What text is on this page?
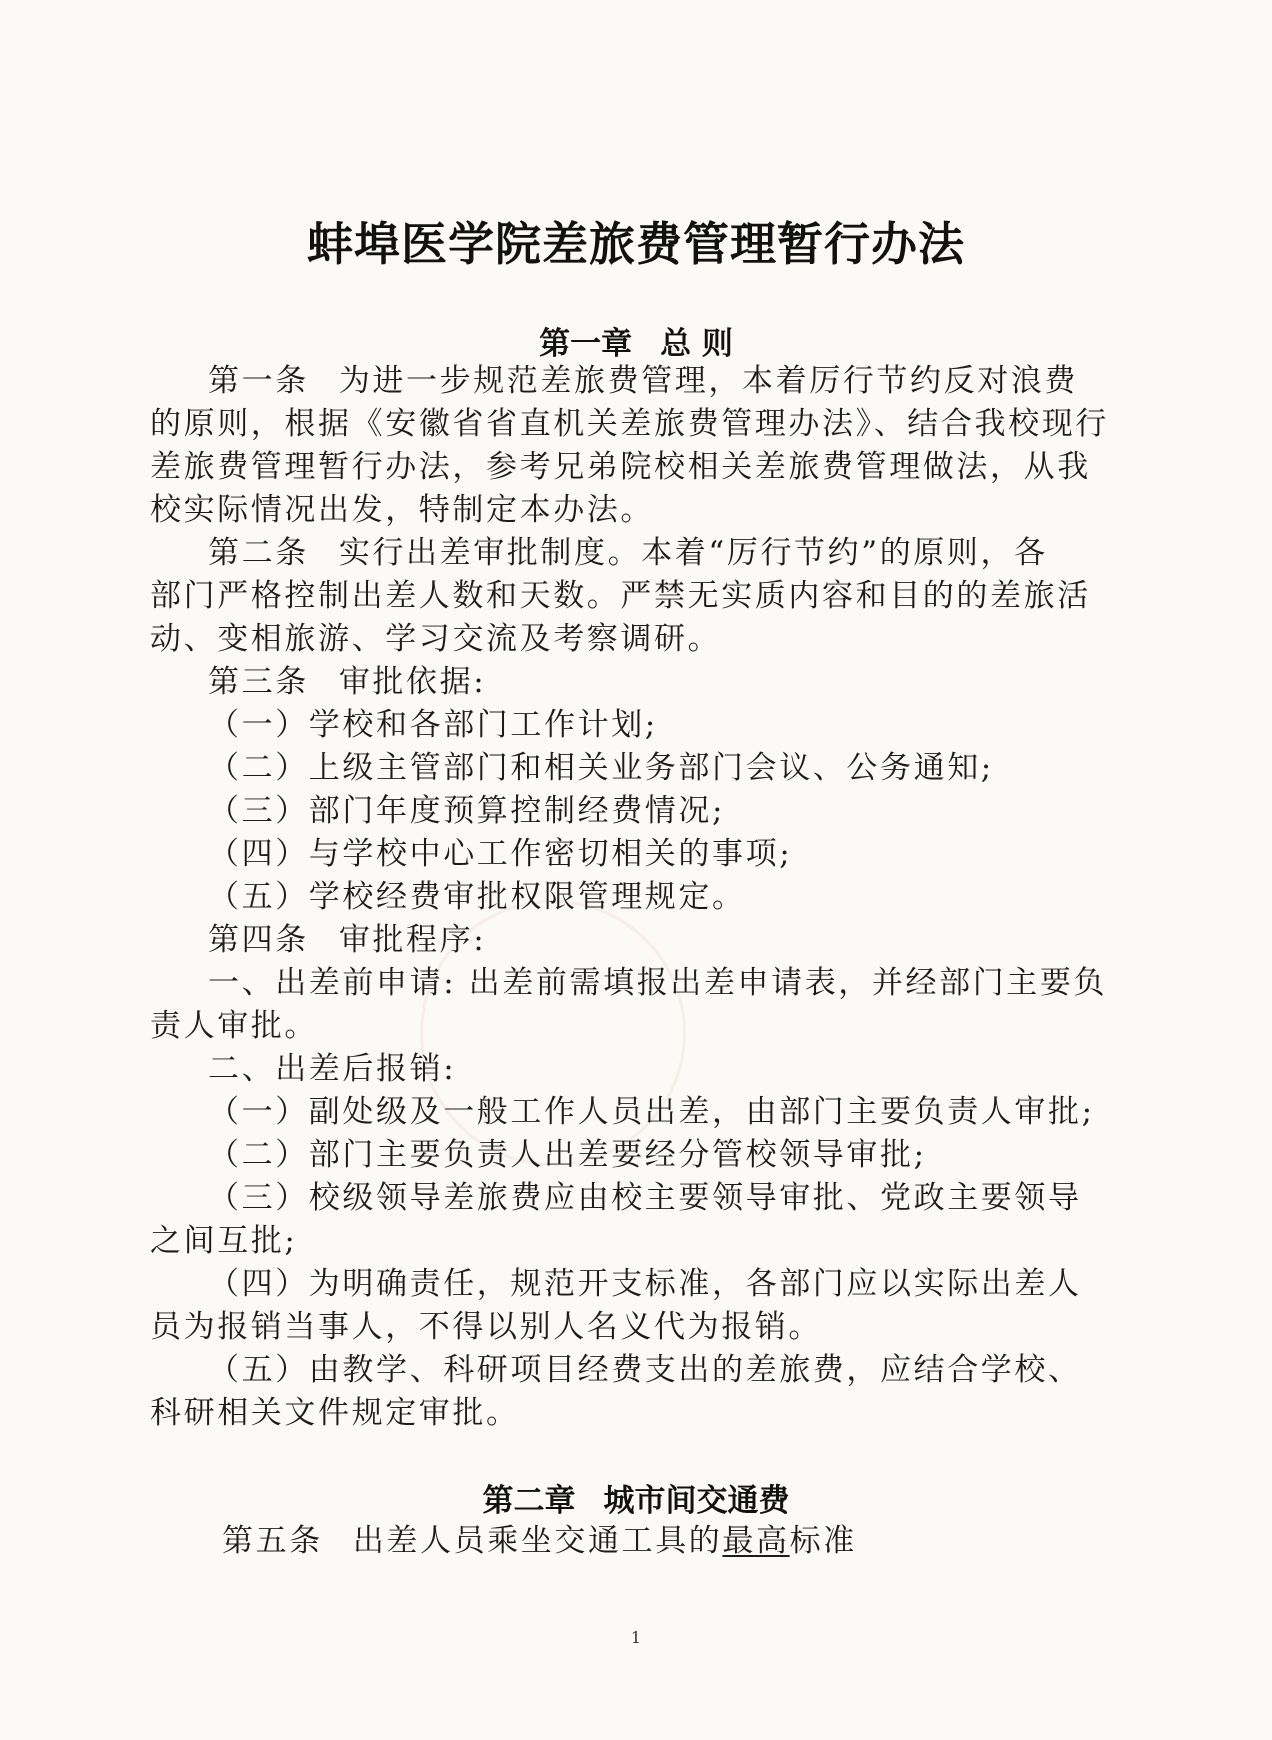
蚌埠医学院差旅费管理暂行办法
第一章 总 则
第一条 为进一步规范差旅费管理，本着厉行节约反对浪费
的原则，根据《安徽省省直机关差旅费管理办法》、结合我校现行
差旅费管理暂行办法，参考兄弟院校相关差旅费管理做法，从我
校实际情况出发，特制定本办法。
第二条 实行出差审批制度。本着“厉行节约”的原则，各
部门严格控制出差人数和天数。严禁无实质内容和目的的差旅活
动、变相旅游、学习交流及考察调研。
第三条 审批依据:
（一）学校和各部门工作计划;
（二）上级主管部门和相关业务部门会议、公务通知;
（三）部门年度预算控制经费情况;
（四）与学校中心工作密切相关的事项;
（五）学校经费审批权限管理规定。
第四条 审批程序:
一、出差前申请: 出差前需填报出差申请表，并经部门主要负
责人审批。
二、出差后报销:
（一）副处级及一般工作人员出差，由部门主要负责人审批;
（二）部门主要负责人出差要经分管校领导审批;
（三）校级领导差旅费应由校主要领导审批、党政主要领导
之间互批;
（四）为明确责任，规范开支标准，各部门应以实际出差人
员为报销当事人，不得以别人名义代为报销。
（五）由教学、科研项目经费支出的差旅费，应结合学校、
科研相关文件规定审批。
第二章 城市间交通费
第五条 出差人员乘坐交通工具的最高标准
1
